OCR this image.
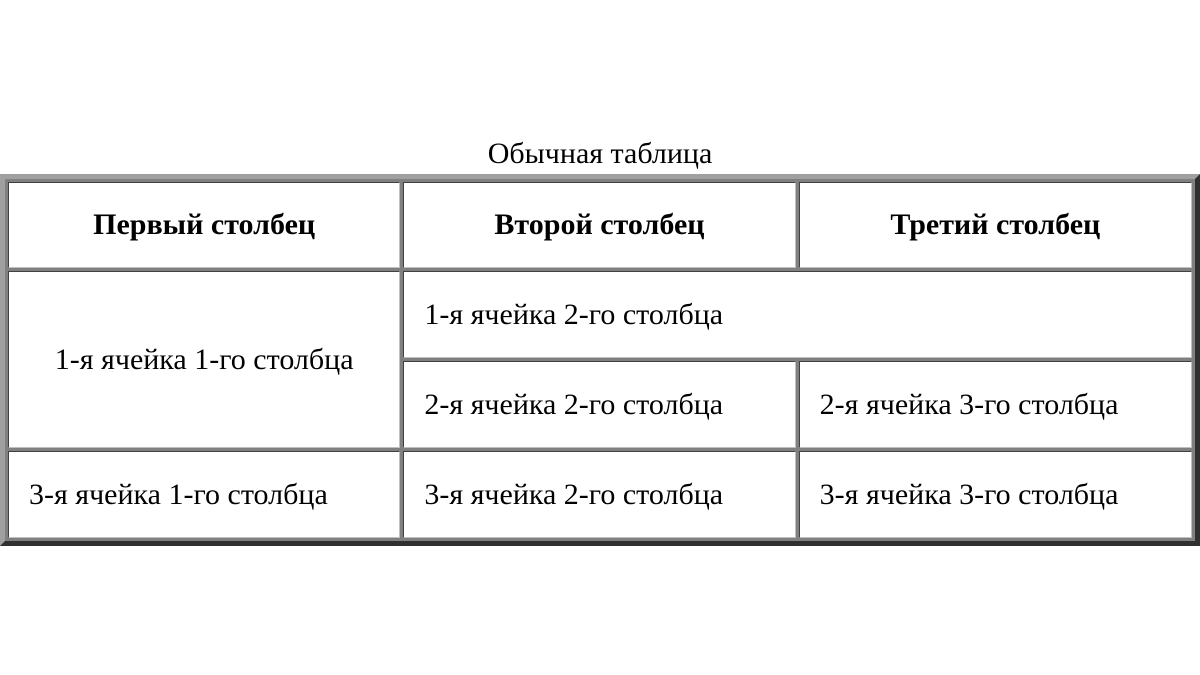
Обычная таблица
Первый столбец	Второй столбец	Третий столбец
1-я ячейка 1-го столбца	1-я ячейка 2-го столбца	
	2-я ячейка 2-го столбца	2-я ячейка 3-го столбца
3-я ячейка 1-го столбца	3-я ячейка 2-го столбца	3-я ячейка 3-го столбца
